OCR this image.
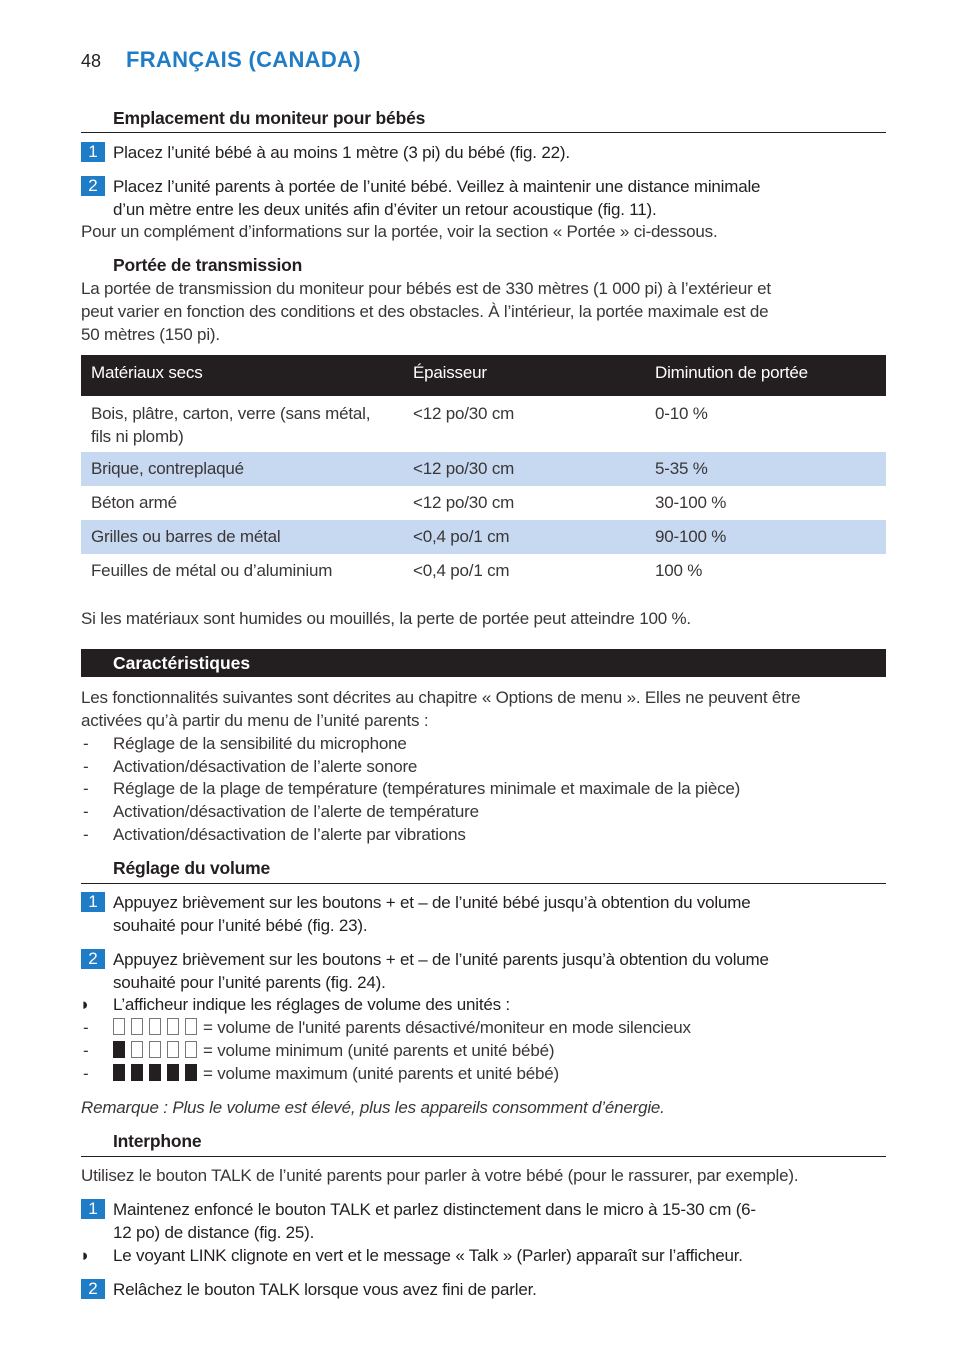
48 FRANÇAIS (CANADA)
Emplacement du moniteur pour bébés
1 Placez l’unité bébé à au moins 1 mètre (3 pi) du bébé (fig. 22).
2 Placez l’unité parents à portée de l’unité bébé. Veillez à maintenir une distance minimale
d’un mètre entre les deux unités afin d’éviter un retour acoustique (fig. 11).
Pour un complément d’informations sur la portée, voir la section « Portée » ci-dessous.
Portée de transmission
La portée de transmission du moniteur pour bébés est de 330 mètres (1 000 pi) à l’extérieur et
peut varier en fonction des conditions et des obstacles. À l’intérieur, la portée maximale est de
50 mètres (150 pi).
Matériaux secs	Épaisseur	Diminution de portée
Bois, plâtre, carton, verre (sans métal,
fils ni plomb)
<12 po/30 cm	0-10 %
Brique, contreplaqué	<12 po/30 cm	5-35 %
Béton armé	<12 po/30 cm	30-100 %
Grilles ou barres de métal	<0,4 po/1 cm	90-100 %
Feuilles de métal ou d’aluminium	<0,4 po/1 cm	100 %
Si les matériaux sont humides ou mouillés, la perte de portée peut atteindre 100 %.
Caractéristiques
Les fonctionnalités suivantes sont décrites au chapitre « Options de menu ». Elles ne peuvent être
activées qu’à partir du menu de l’unité parents :
- Réglage de la sensibilité du microphone
- Activation/désactivation de l’alerte sonore
- Réglage de la plage de température (températures minimale et maximale de la pièce)
- Activation/désactivation de l’alerte de température
- Activation/désactivation de l’alerte par vibrations
Réglage du volume
1 Appuyez brièvement sur les boutons + et – de l’unité bébé jusqu’à obtention du volume
souhaité pour l’unité bébé (fig. 23).
2 Appuyez brièvement sur les boutons + et – de l’unité parents jusqu’à obtention du volume
souhaité pour l’unité parents (fig. 24).
◗ L’afficheur indique les réglages de volume des unités :
-	= volume de l'unité parents désactivé/moniteur en mode silencieux
-	= volume minimum (unité parents et unité bébé)
-	= volume maximum (unité parents et unité bébé)
Remarque : Plus le volume est élevé, plus les appareils consomment d’énergie.
Interphone
Utilisez le bouton TALK de l’unité parents pour parler à votre bébé (pour le rassurer, par exemple).
1 Maintenez enfoncé le bouton TALK et parlez distinctement dans le micro à 15-30 cm (6-
12 po) de distance (fig. 25).
◗ Le voyant LINK clignote en vert et le message « Talk » (Parler) apparaît sur l’afficheur.
2 Relâchez le bouton TALK lorsque vous avez fini de parler.
